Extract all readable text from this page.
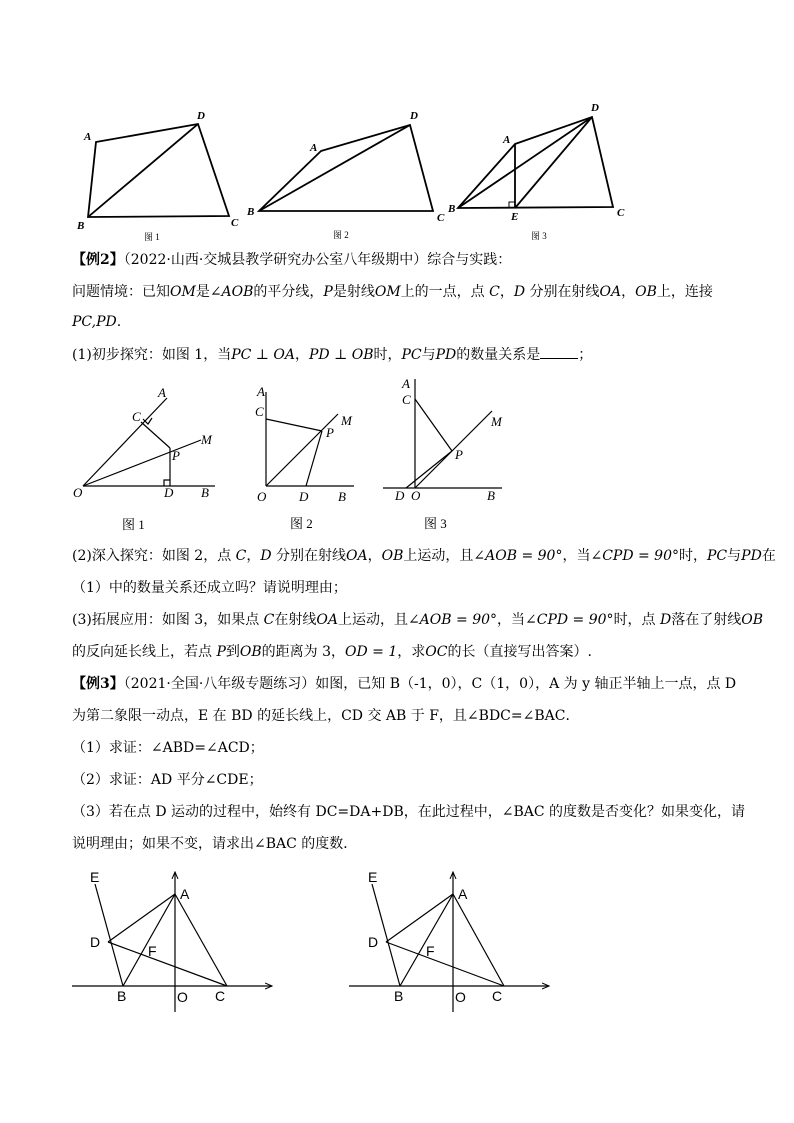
A
D
B	C
图 1
A
D
B	C
图 2
A
D
B
E	C
图 3
【例2】（2022·山西·交城县教学研究办公室八年级期中）综合与实践：
问题情境：已知OM是∠AOB的平分线，P是射线OM上的一点，点 C，D 分别在射线OA，OB上，连接
PC,PD.
(1)初步探究：如图 1，当PC ⊥ OA，PD ⊥ OB时，PC与PD的数量关系是	；
A
C
M
P
O	D B
图 1
A
C
M
P
O	D B
图 2
A
C
M
P
D O	B
图 3
(2)深入探究：如图 2，点 C，D 分别在射线OA，OB上运动，且∠AOB = 90°，当∠CPD = 90°时，PC与PD在
（1）中的数量关系还成立吗？请说明理由；
(3)拓展应用：如图 3，如果点 C在射线OA上运动，且∠AOB = 90°，当∠CPD = 90°时，点 D落在了射线OB
的反向延长线上，若点 P到OB的距离为 3，OD = 1，求OC的长（直接写出答案）.
【例3】（2021·全国·八年级专题练习）如图，已知 B（-1，0），C（1，0），A 为 y 轴正半轴上一点，点 D
为第二象限一动点，E 在 BD 的延长线上，CD 交 AB 于 F，且∠BDC=∠BAC．
（1）求证：∠ABD=∠ACD；
（2）求证：AD 平分∠CDE；
（3）若在点 D 运动的过程中，始终有 DC=DA+DB，在此过程中，∠BAC 的度数是否变化？如果变化，请
说明理由；如果不变，请求出∠BAC 的度数．
E
A
D
F
B	O C
E
A
D
F
B	O C
